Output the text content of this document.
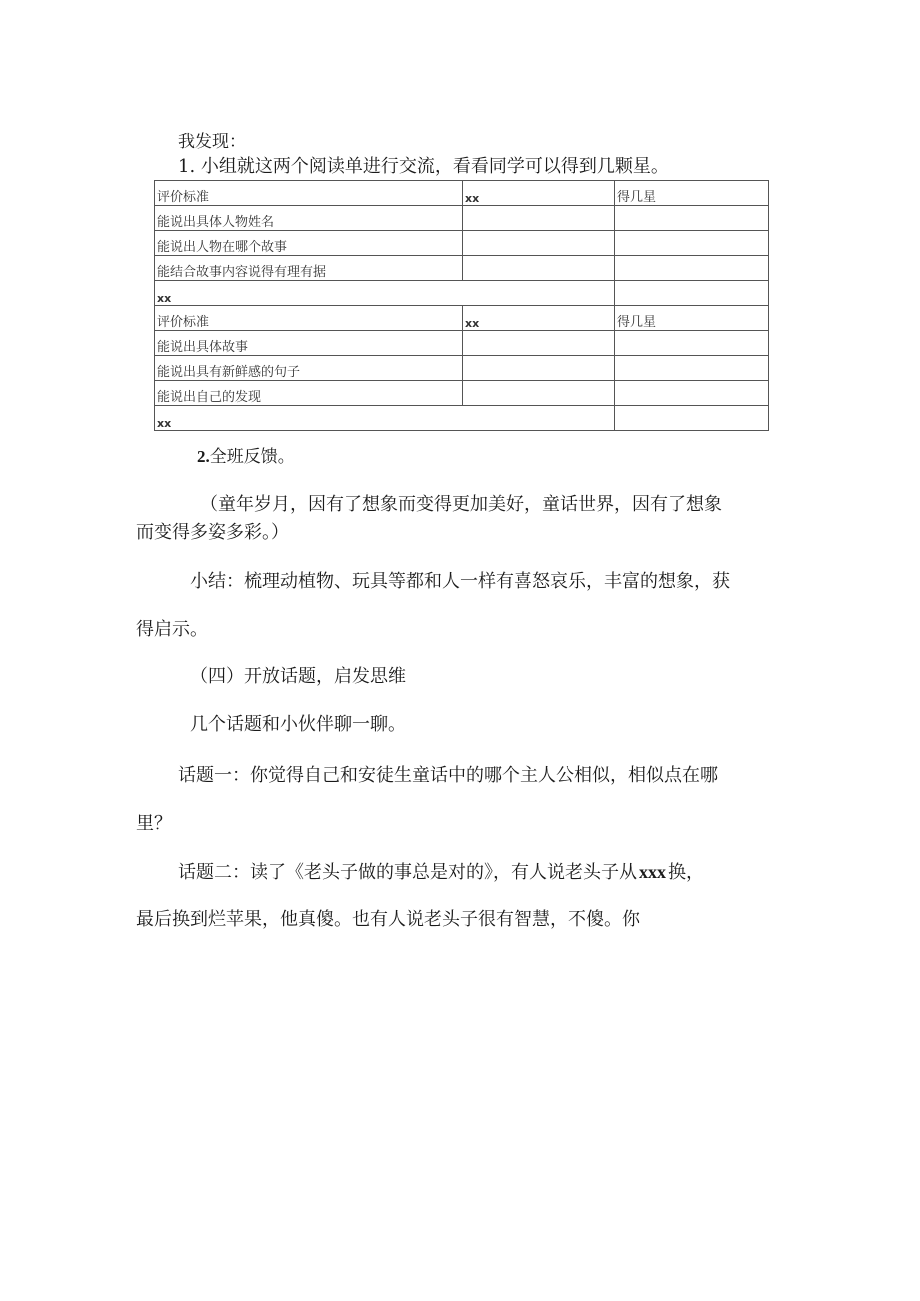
我发现：
1. 小组就这两个阅读单进行交流，看看同学可以得到几颗星。
评价标准	xx	得几星
能说出具体人物姓名		
能说出人物在哪个故事		
能结合故事内容说得有理有据		
xx		
评价标准	xx	得几星
能说出具体故事		
能说出具有新鲜感的句子		
能说出自己的发现		
xx		
2.全班反馈。
（童年岁月，因有了想象而变得更加美好，童话世界，因有了想象
而变得多姿多彩。）
小结：梳理动植物、玩具等都和人一样有喜怒哀乐，丰富的想象，获
得启示。
（四）开放话题，启发思维
几个话题和小伙伴聊一聊。
话题一：你觉得自己和安徒生童话中的哪个主人公相似，相似点在哪
里？
话题二：读了《老头子做的事总是对的》，有人说老头子从 xxx 换，
最后换到烂苹果，他真傻。也有人说老头子很有智慧，不傻。你
